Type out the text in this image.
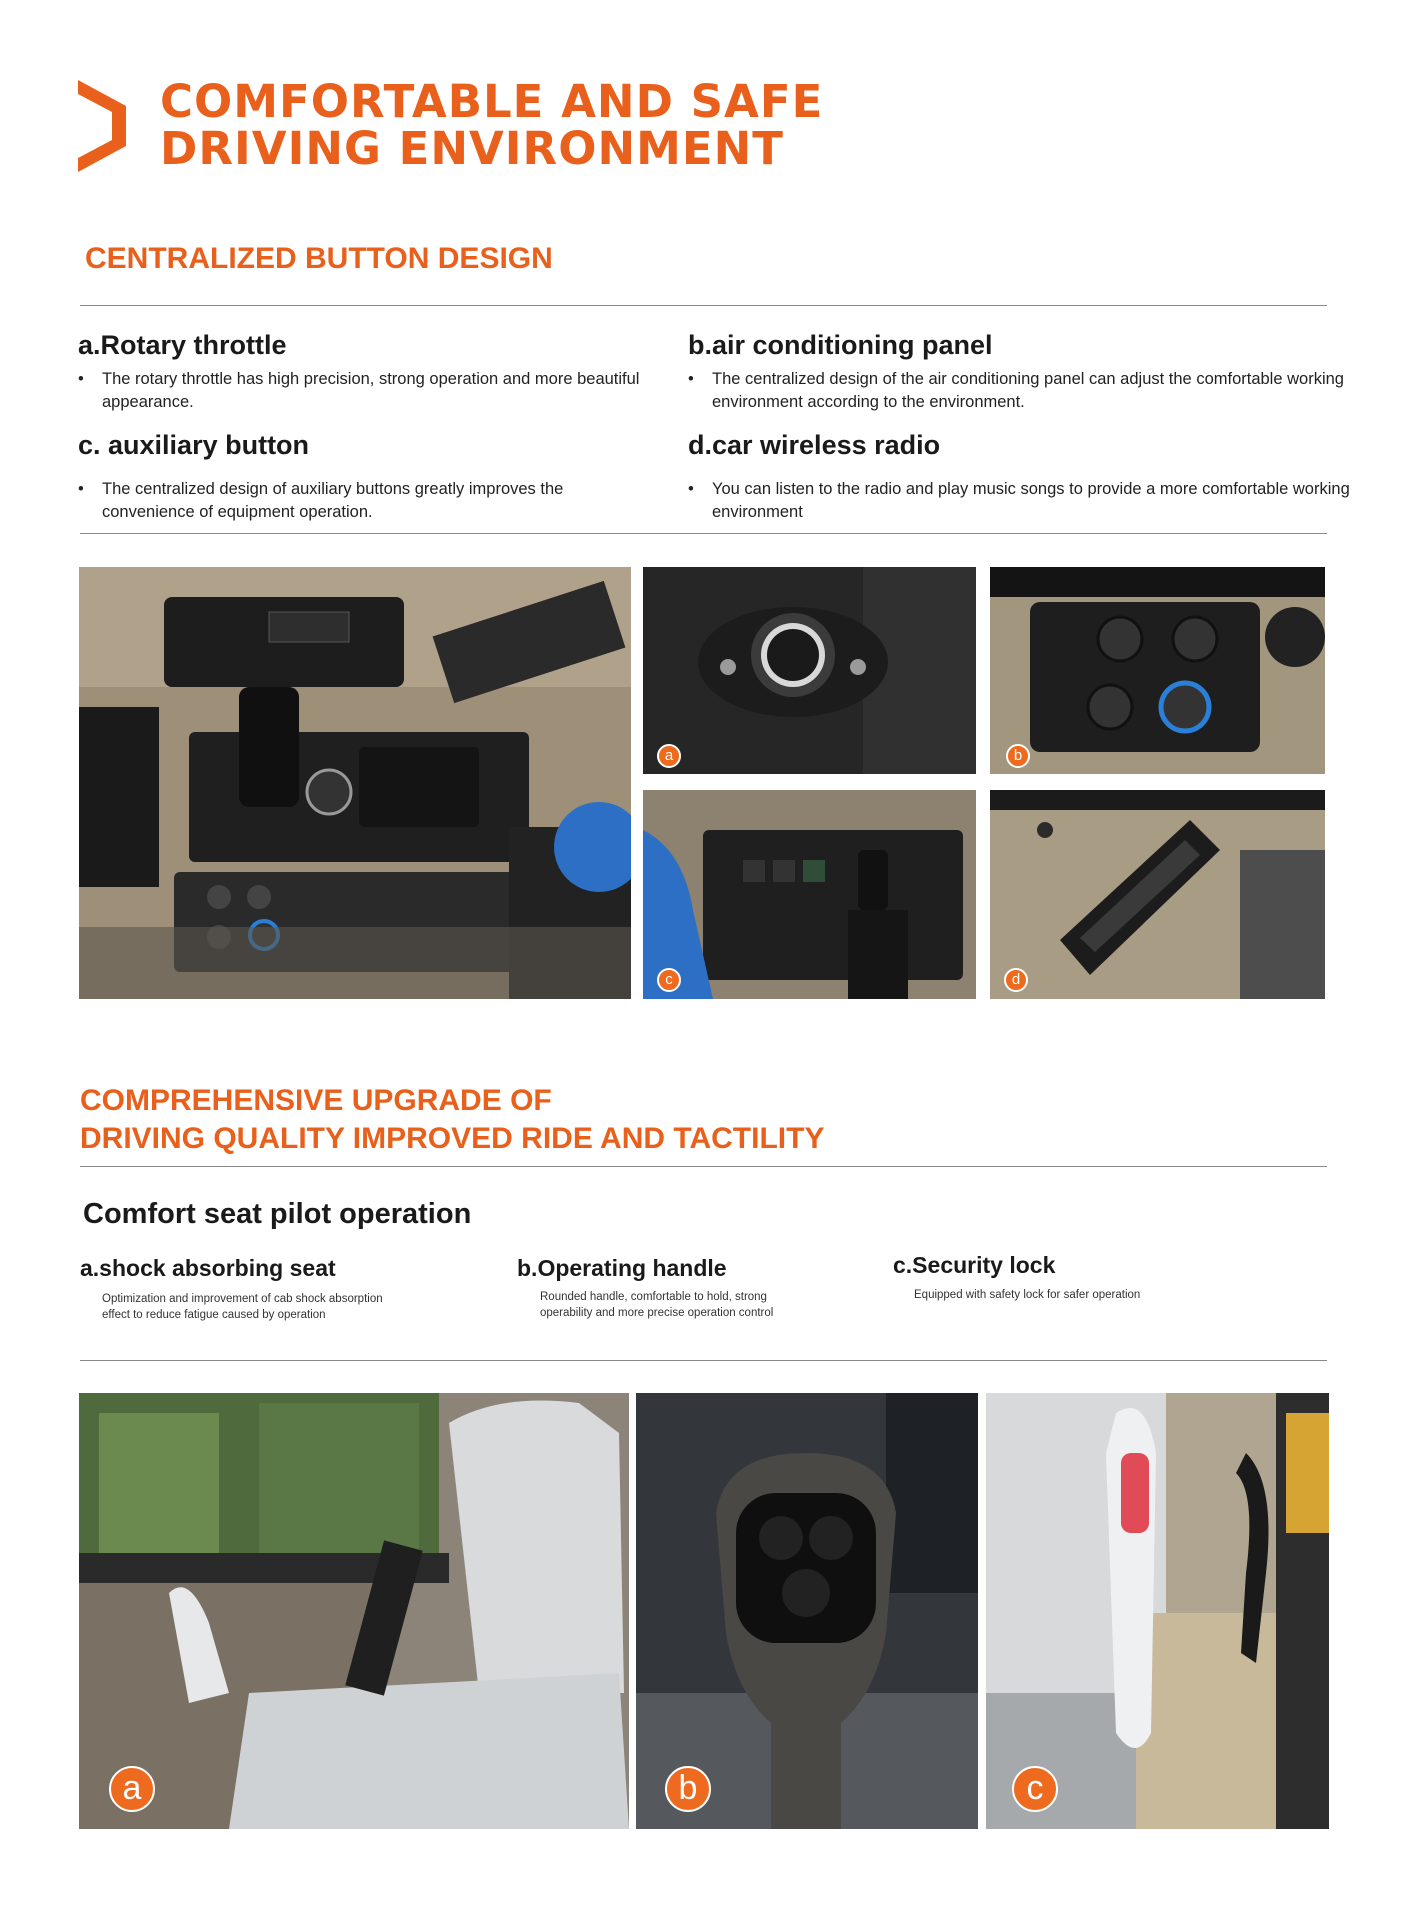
COMFORTABLE AND SAFE
DRIVING ENVIRONMENT
CENTRALIZED BUTTON DESIGN
a.Rotary throttle
• The rotary throttle has high precision, strong operation and more beautiful appearance.
b.air conditioning panel
• The centralized design of the air conditioning panel can adjust the comfortable working environment according to the environment.
c. auxiliary button
• The centralized design of auxiliary buttons greatly improves the convenience of equipment operation.
d.car wireless radio
• You can listen to the radio and play music songs to provide a more comfortable working environment
a	b
c	d
COMPREHENSIVE UPGRADE OF
DRIVING QUALITY IMPROVED RIDE AND TACTILITY
Comfort seat pilot operation
a.shock absorbing seat
Optimization and improvement of cab shock absorption effect to reduce fatigue caused by operation
b.Operating handle
Rounded handle, comfortable to hold, strong operability and more precise operation control
c.Security lock
Equipped with safety lock for safer operation
a	b	c
